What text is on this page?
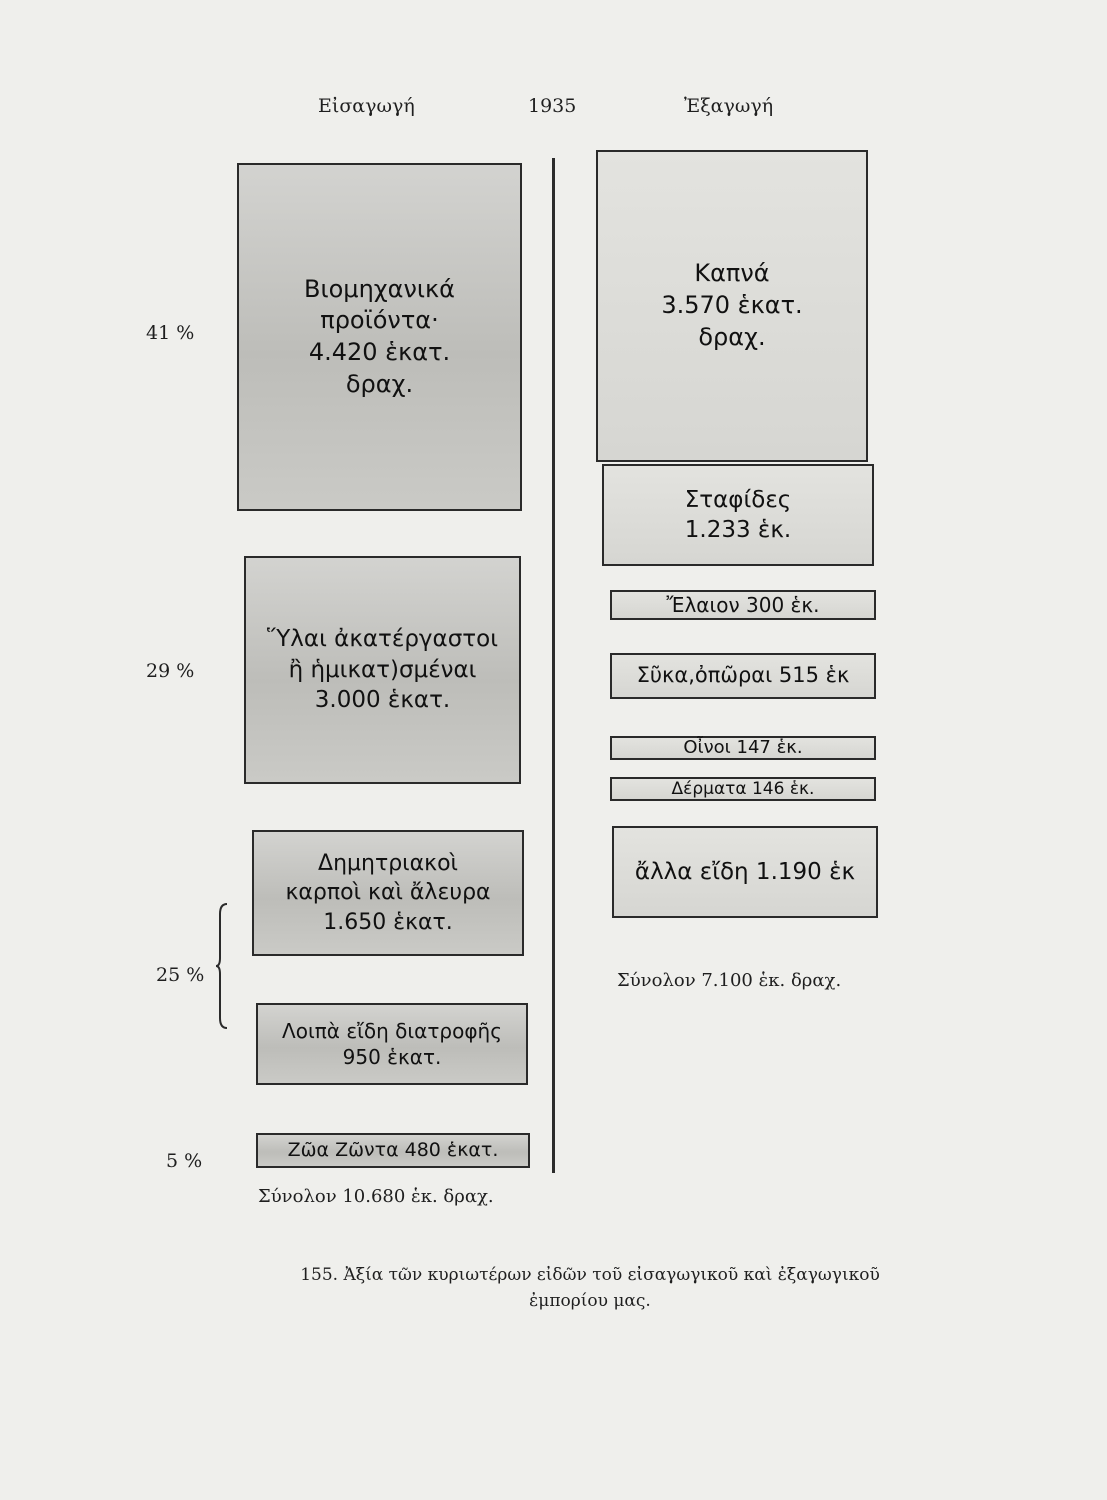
Εἰσαγωγή	1935	Ἐξαγωγή
Βιομηχανικά
προϊόντα·
4.420 ἑκατ.
δραχ.
Ὕλαι ἀκατέργαστοι
ἢ ἡμικατ)σμέναι
3.000 ἑκατ.
Δημητριακοὶ
καρποὶ καὶ ἄλευρα
1.650 ἑκατ.
Λοιπὰ εἴδη διατροφῆς
950 ἑκατ.
Ζῶα Ζῶντα 480 ἑκατ.
Καπνά
3.570 ἑκατ.
δραχ.
Σταφίδες
1.233 ἑκ.
Ἔλαιον 300 ἑκ.
Σῦκα,ὀπῶραι 515 ἑκ
Οἶνοι 147 ἑκ.
Δέρματα 146 ἑκ.
ἄλλα εἴδη 1.190 ἑκ
41 %
29 %
25 %
5 %
Σύνολον 10.680 ἑκ. δραχ.
Σύνολον 7.100 ἑκ. δραχ.
155. Ἀξία τῶν κυριωτέρων εἰδῶν τοῦ εἰσαγωγικοῦ καὶ ἐξαγωγικοῦ
ἐμπορίου μας.
